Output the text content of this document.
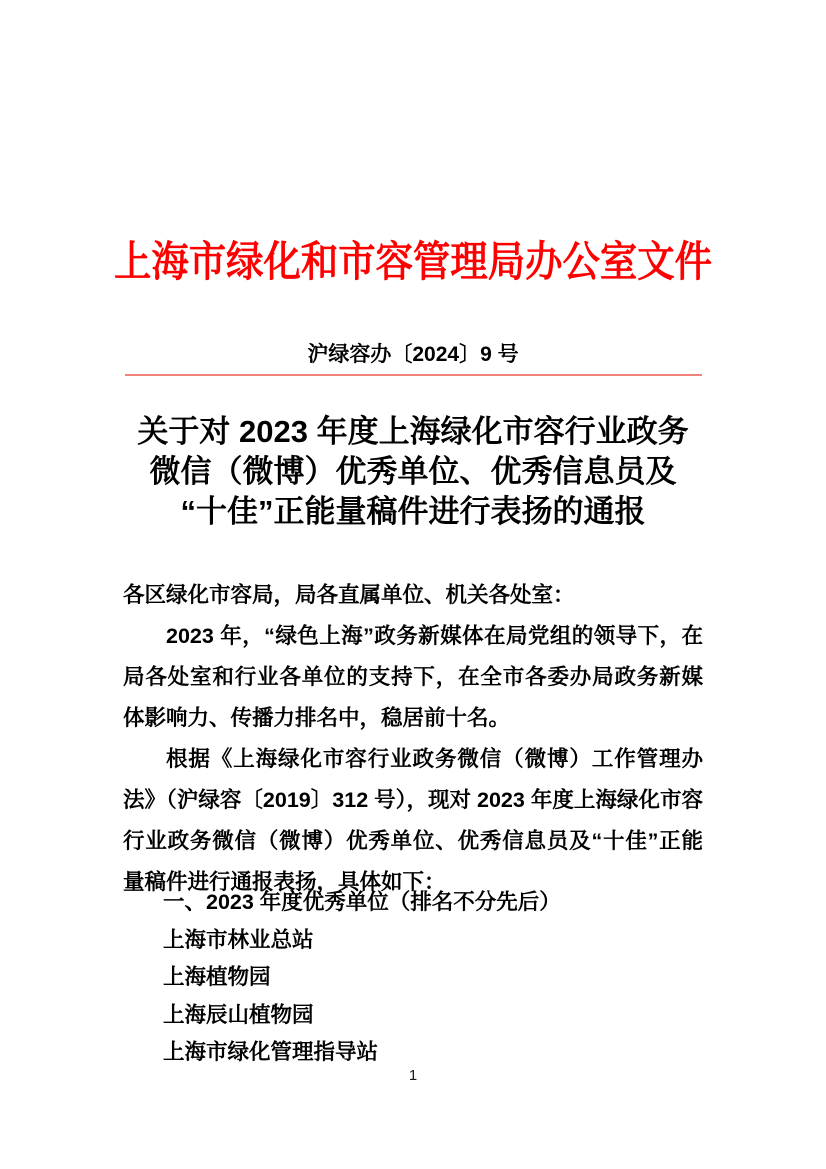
上海市绿化和市容管理局办公室文件
沪绿容办〔2024〕9 号
关于对 2023 年度上海绿化市容行业政务
微信（微博）优秀单位、优秀信息员及
“十佳”正能量稿件进行表扬的通报

各区绿化市容局，局各直属单位、机关各处室：

2023 年，“绿色上海”政务新媒体在局党组的领导下，在局各处室和行业各单位的支持下，在全市各委办局政务新媒体影响力、传播力排名中，稳居前十名。

根据《上海绿化市容行业政务微信（微博）工作管理办法》（沪绿容〔2019〕312 号），现对 2023 年度上海绿化市容行业政务微信（微博）优秀单位、优秀信息员及“十佳”正能量稿件进行通报表扬，具体如下：

一、2023 年度优秀单位（排名不分先后）

上海市林业总站

上海植物园

上海辰山植物园

上海市绿化管理指导站

1
